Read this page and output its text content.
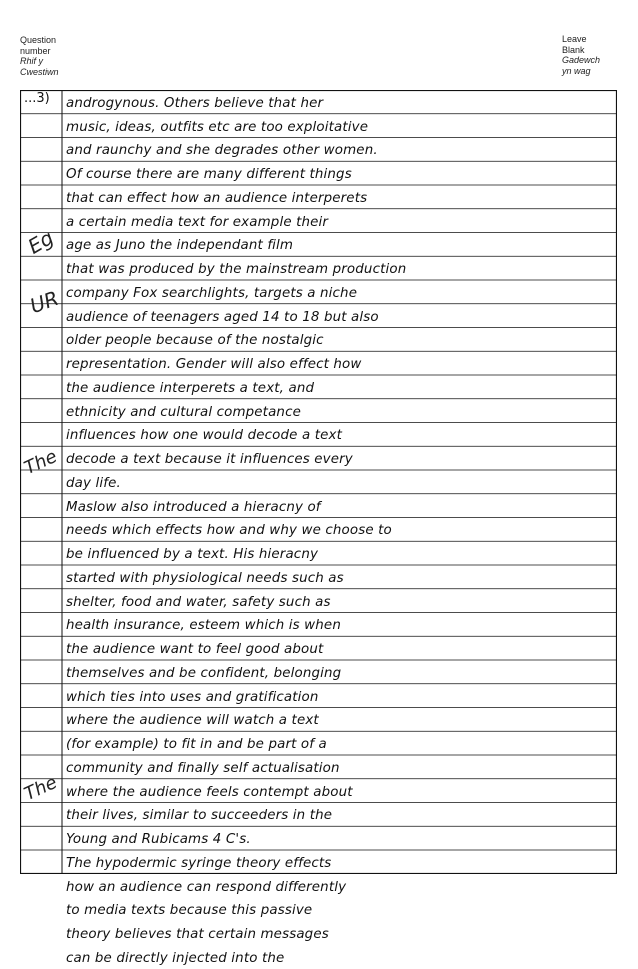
Question
number
Rhif y
Cwestiwn
Leave
Blank
Gadewch
yn wag
...3) androgynous. Others believe that her
music, ideas, outfits etc are too exploitative
and raunchy and she degrades other women.
Of course there are many different things
that can effect how an audience interperets
a certain media text for example their
age as Juno the independant film
that was produced by the mainstream production
company Fox searchlights, targets a niche
audience of teenagers aged 14 to 18 but also
older people because of the nostalgic
representation. Gender will also effect how
the audience interperets a text, and
ethnicity and cultural competance
influences how one would decode a text
decode a text because it influences every
day life.
Maslow also introduced a hieracny of
needs which effects how and why we choose to
be influenced by a text. His hieracny
started with physiological needs such as
shelter, food and water, safety such as
health insurance, esteem which is when
the audience want to feel good about
themselves and be confident, belonging
which ties into uses and gratification
where the audience will watch a text
(for example) to fit in and be part of a
community and finally self actualisation
where the audience feels contempt about
their lives, similar to succeeders in the
Young and Rubicams 4 C's.
The hypodermic syringe theory effects
how an audience can respond differently
to media texts because this passive
theory believes that certain messages
can be directly injected into the
Eg
UR
The
The
